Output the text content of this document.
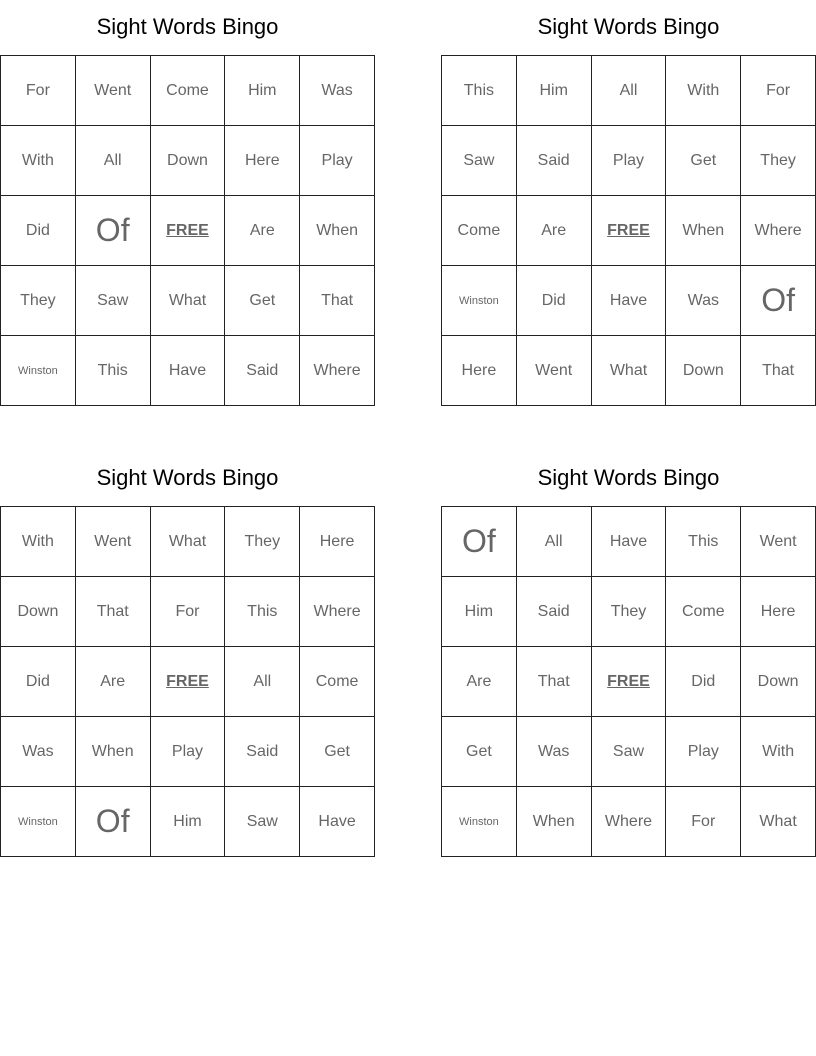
Sight Words Bingo
For	Went	Come	Him	Was
With	All	Down	Here	Play
Did	Of	FREE	Are	When
They	Saw	What	Get	That
Winston	This	Have	Said	Where
Sight Words Bingo
This	Him	All	With	For
Saw	Said	Play	Get	They
Come	Are	FREE	When	Where
Winston	Did	Have	Was	Of
Here	Went	What	Down	That
Sight Words Bingo
With	Went	What	They	Here
Down	That	For	This	Where
Did	Are	FREE	All	Come
Was	When	Play	Said	Get
Winston	Of	Him	Saw	Have
Sight Words Bingo
Of	All	Have	This	Went
Him	Said	They	Come	Here
Are	That	FREE	Did	Down
Get	Was	Saw	Play	With
Winston	When	Where	For	What
